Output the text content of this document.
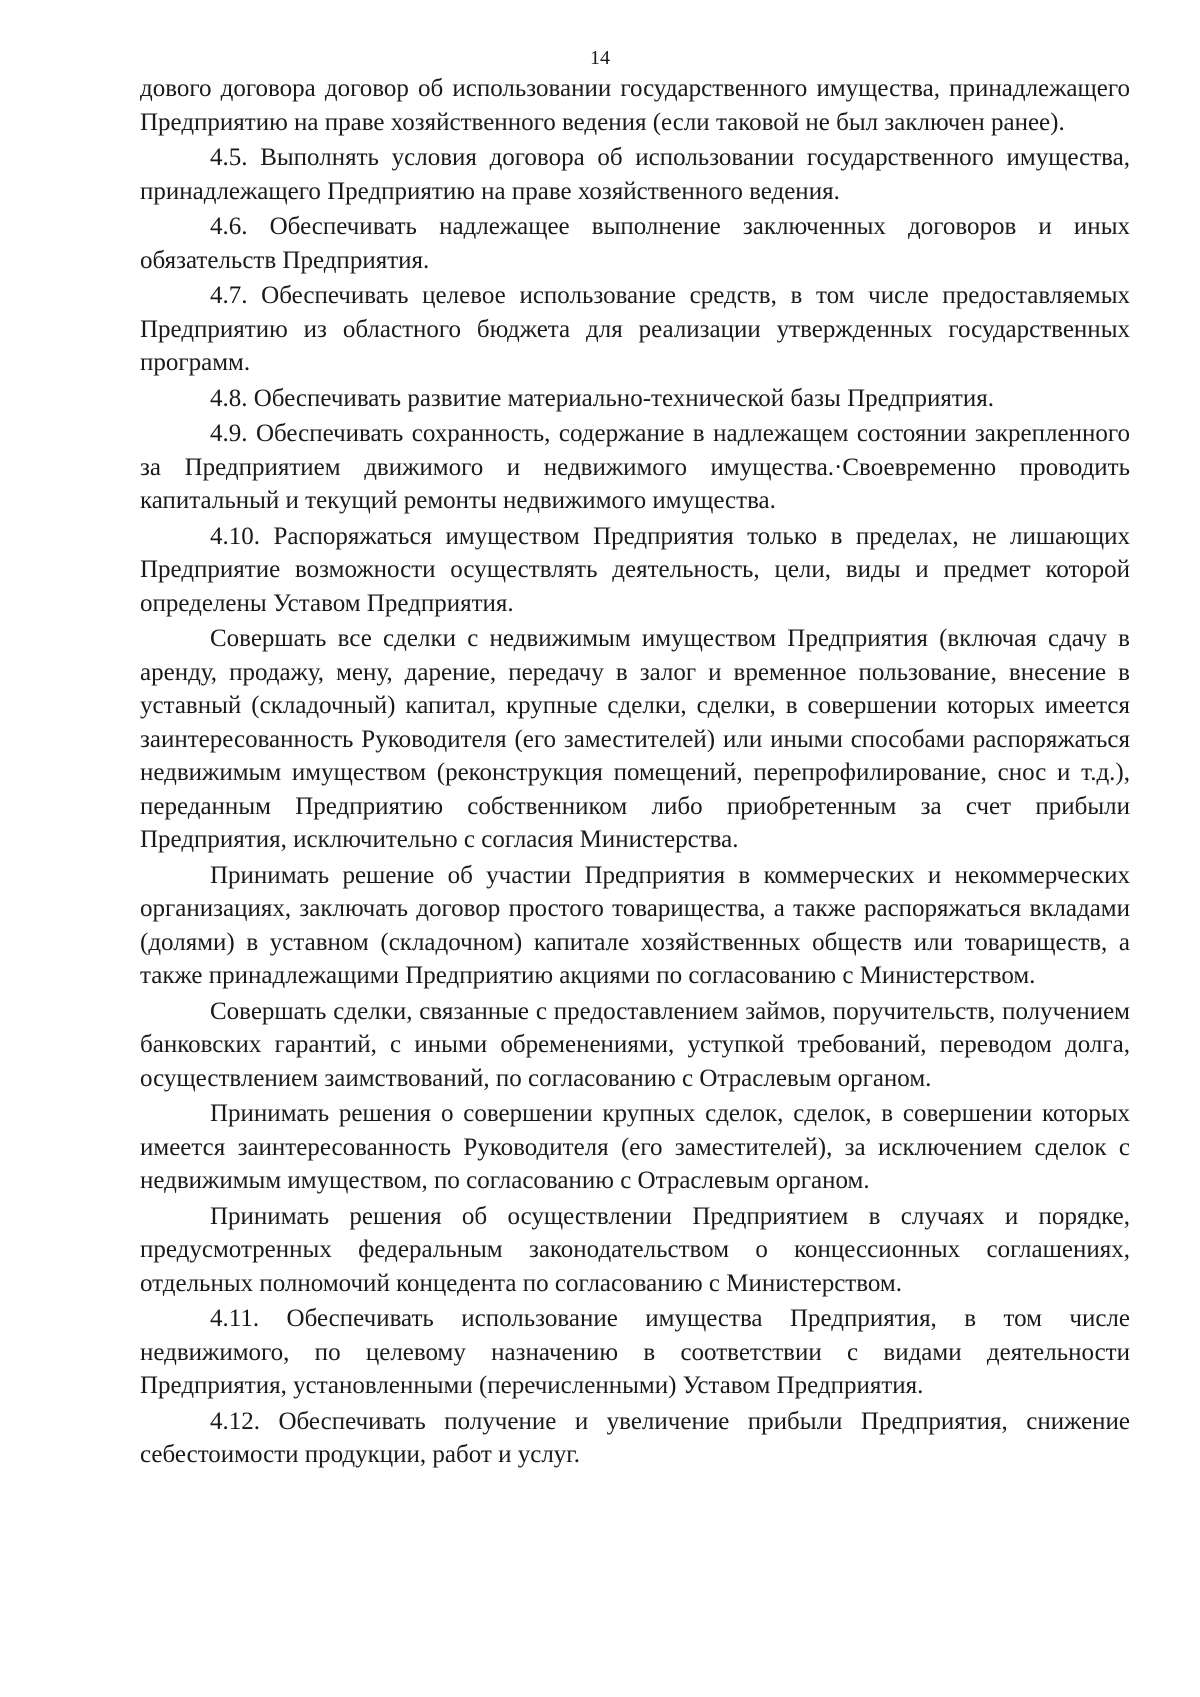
14

дового договора договор об использовании государственного имущества, принадлежащего Предприятию на праве хозяйственного ведения (если таковой не был заключен ранее).

4.5. Выполнять условия договора об использовании государственного имущества, принадлежащего Предприятию на праве хозяйственного ведения.

4.6. Обеспечивать надлежащее выполнение заключенных договоров и иных обязательств Предприятия.

4.7. Обеспечивать целевое использование средств, в том числе предоставляемых Предприятию из областного бюджета для реализации утвержденных государственных программ.

4.8. Обеспечивать развитие материально-технической базы Предприятия.

4.9. Обеспечивать сохранность, содержание в надлежащем состоянии закрепленного за Предприятием движимого и недвижимого имущества.·Своевременно проводить капитальный и текущий ремонты недвижимого имущества.

4.10. Распоряжаться имуществом Предприятия только в пределах, не лишающих Предприятие возможности осуществлять деятельность, цели, виды и предмет которой определены Уставом Предприятия.

Совершать все сделки с недвижимым имуществом Предприятия (включая сдачу в аренду, продажу, мену, дарение, передачу в залог и временное пользование, внесение в уставный (складочный) капитал, крупные сделки, сделки, в совершении которых имеется заинтересованность Руководителя (его заместителей) или иными способами распоряжаться недвижимым имуществом (реконструкция помещений, перепрофилирование, снос и т.д.), переданным Предприятию собственником либо приобретенным за счет прибыли Предприятия, исключительно с согласия Министерства.

Принимать решение об участии Предприятия в коммерческих и некоммерческих организациях, заключать договор простого товарищества, а также распоряжаться вкладами (долями) в уставном (складочном) капитале хозяйственных обществ или товариществ, а также принадлежащими Предприятию акциями по согласованию с Министерством.

Совершать сделки, связанные с предоставлением займов, поручительств, получением банковских гарантий, с иными обременениями, уступкой требований, переводом долга, осуществлением заимствований, по согласованию с Отраслевым органом.

Принимать решения о совершении крупных сделок, сделок, в совершении которых имеется заинтересованность Руководителя (его заместителей), за исключением сделок с недвижимым имуществом, по согласованию с Отраслевым органом.

Принимать решения об осуществлении Предприятием в случаях и порядке, предусмотренных федеральным законодательством о концессионных соглашениях, отдельных полномочий концедента по согласованию с Министерством.

4.11. Обеспечивать использование имущества Предприятия, в том числе недвижимого, по целевому назначению в соответствии с видами деятельности Предприятия, установленными (перечисленными) Уставом Предприятия.

4.12. Обеспечивать получение и увеличение прибыли Предприятия, снижение себестоимости продукции, работ и услуг.
